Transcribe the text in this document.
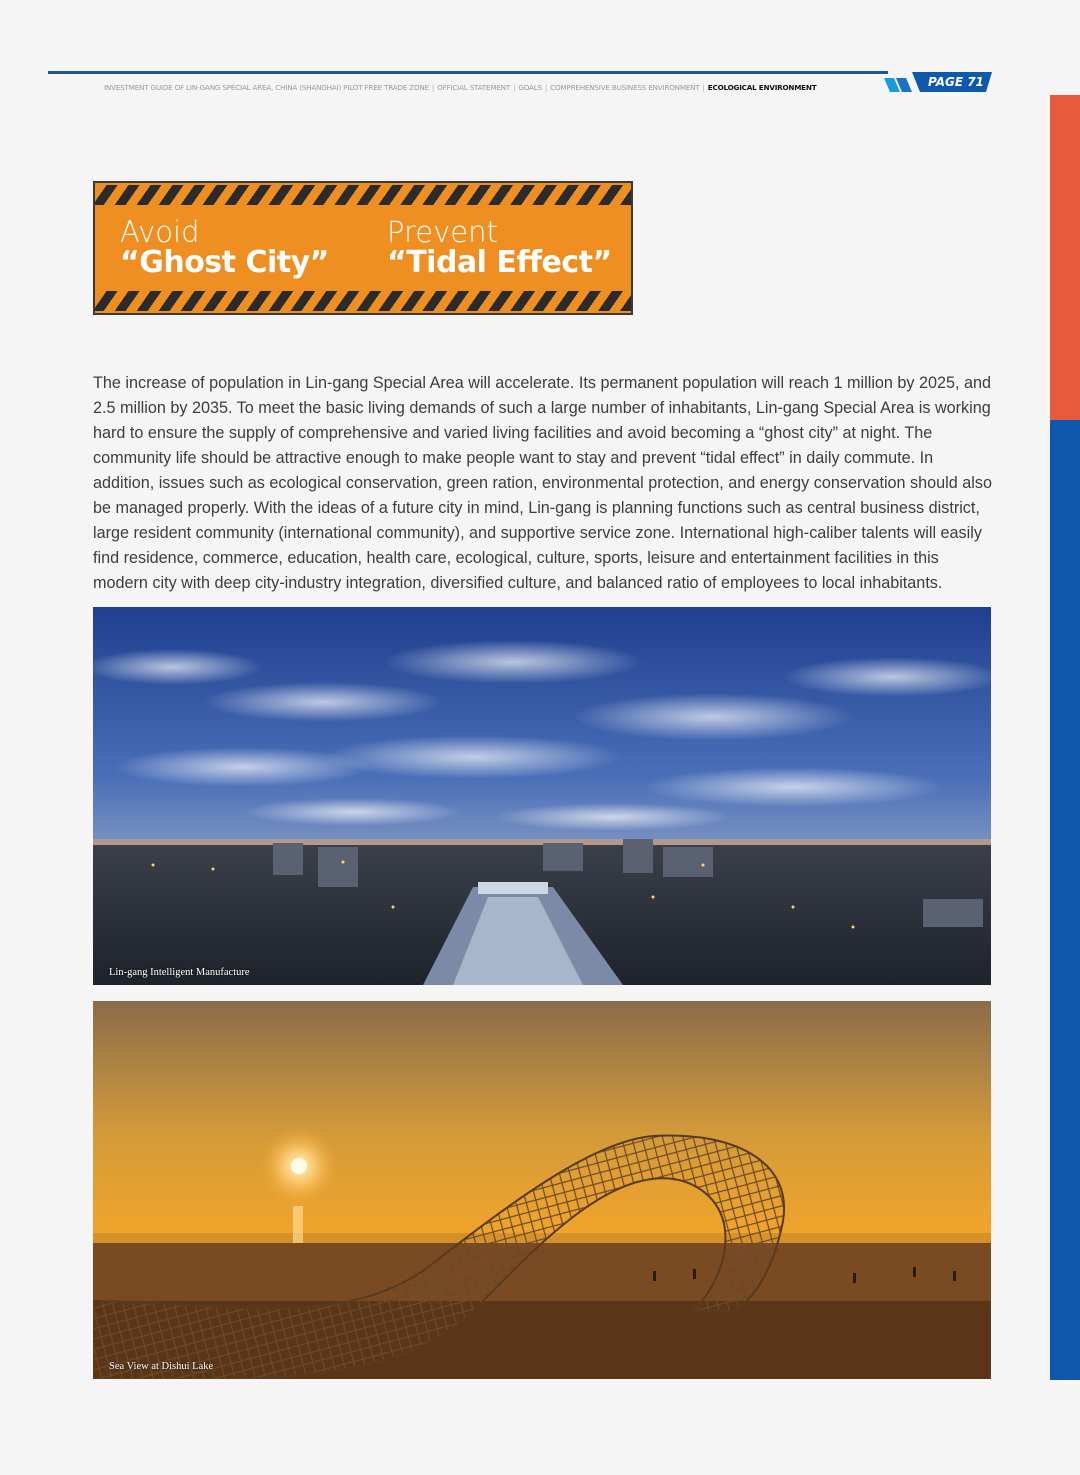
INVESTMENT GUIDE OF LIN-GANG SPECIAL AREA, CHINA (SHANGHAI) PILOT FREE TRADE ZONE | OFFICIAL STATEMENT | GOALS | COMPREHENSIVE BUSINESS ENVIRONMENT | ECOLOGICAL ENVIRONMENT	PAGE 71
Avoid
“Ghost City”
Prevent
“Tidal Effect”

The increase of population in Lin-gang Special Area will accelerate. Its permanent population will reach 1 million by 2025, and 2.5 million by 2035. To meet the basic living demands of such a large number of inhabitants, Lin-gang Special Area is working hard to ensure the supply of comprehensive and varied living facilities and avoid becoming a “ghost city” at night. The community life should be attractive enough to make people want to stay and prevent “tidal effect” in daily commute. In addition, issues such as ecological conservation, green ration, environmental protection, and energy conservation should also be managed properly. With the ideas of a future city in mind, Lin-gang is planning functions such as central business district, large resident community (international community), and supportive service zone. International high-caliber talents will easily find residence, commerce, education, health care, ecological, culture, sports, leisure and entertainment facilities in this modern city with deep city-industry integration, diversified culture, and balanced ratio of employees to local inhabitants.

Lin-gang Intelligent Manufacture
Sea View at Dishui Lake
